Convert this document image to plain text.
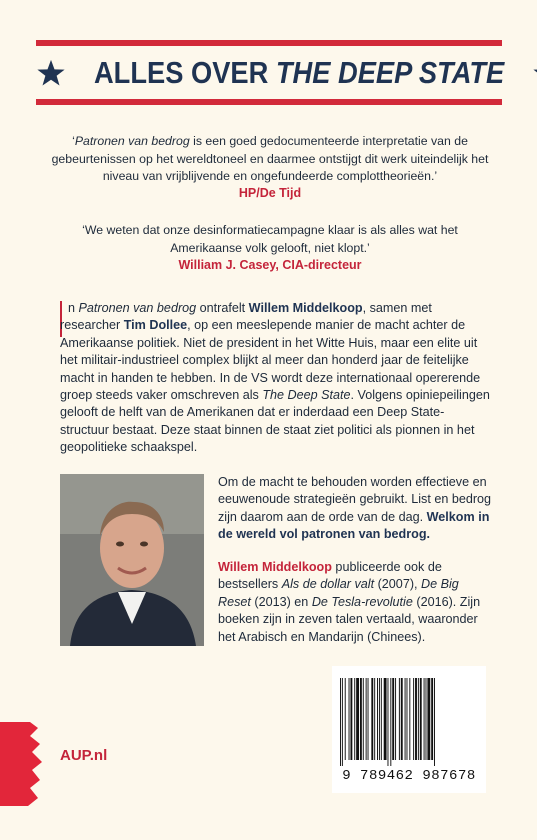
ALLES OVER THE DEEP STATE
‘Patronen van bedrog is een goed gedocumenteerde interpretatie van de gebeurtenissen op het wereldtoneel en daarmee ontstijgt dit werk uiteindelijk het niveau van vrijblijvende en ongefundeerde complottheorieën.’
HP/De Tijd
‘We weten dat onze desinformatiecampagne klaar is als alles wat het Amerikaanse volk gelooft, niet klopt.’
William J. Casey, CIA-directeur

n Patronen van bedrog ontrafelt Willem Middelkoop, samen met researcher Tim Dollee, op een meeslepende manier de macht achter de Amerikaanse politiek. Niet de president in het Witte Huis, maar een elite uit het militair-industrieel complex blijkt al meer dan honderd jaar de feitelijke macht in handen te hebben. In de VS wordt deze internationaal opererende groep steeds vaker omschreven als The Deep State. Volgens opiniepeilingen gelooft de helft van de Amerikanen dat er inderdaad een Deep State-structuur bestaat. Deze staat binnen de staat ziet politici als pionnen in het geopolitieke schaakspel.

Om de macht te behouden worden effectieve en eeuwenoude strategieën gebruikt. List en bedrog zijn daarom aan de orde van de dag. Welkom in de wereld vol patronen van bedrog.
Willem Middelkoop publiceerde ook de bestsellers Als de dollar valt (2007), De Big Reset (2013) en De Tesla-revolutie (2016). Zijn boeken zijn in zeven talen vertaald, waaronder het Arabisch en Mandarijn (Chinees).
AUP.nl
9 789462 987678
